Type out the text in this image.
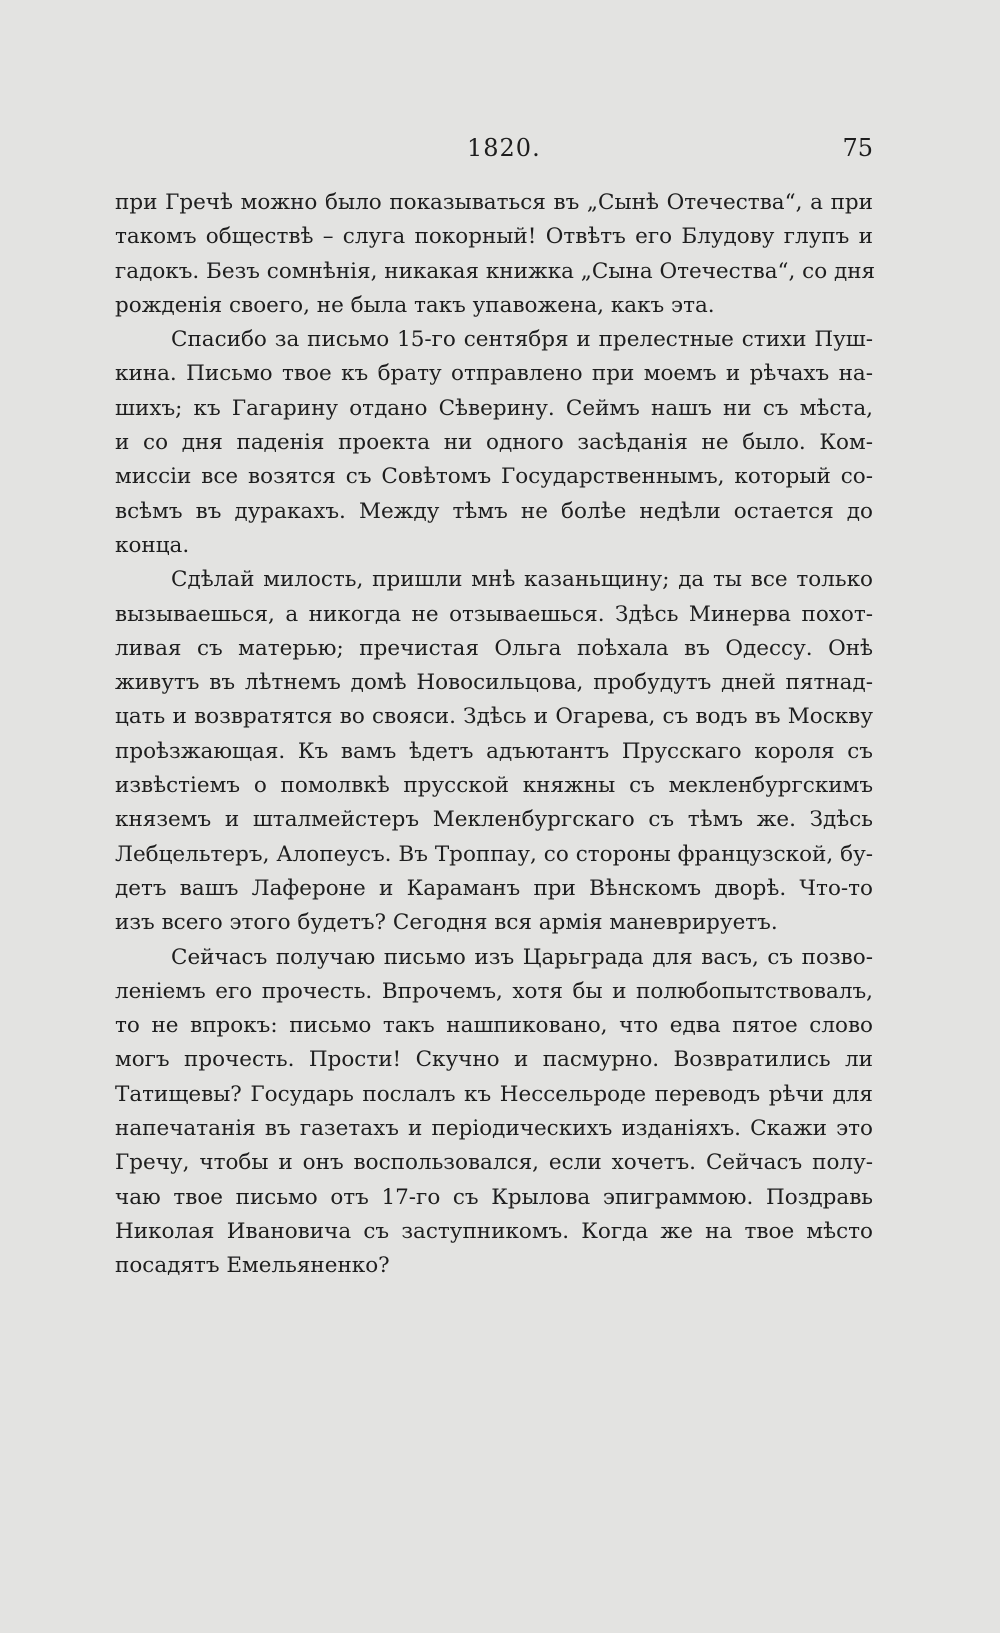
1820.	75
при Гречѣ можно было показываться въ „Сынѣ Отечества“, а при
такомъ обществѣ – слуга покорный! Отвѣтъ его Блудову глупъ и
гадокъ. Безъ сомнѣнія, никакая книжка „Сына Отечества“, со дня
рожденія своего, не была такъ упавожена, какъ эта.
Спасибо за письмо 15-го сентября и прелестные стихи Пуш-
кина. Письмо твое къ брату отправлено при моемъ и рѣчахъ на-
шихъ; къ Гагарину отдано Сѣверину. Сеймъ нашъ ни съ мѣста,
и со дня паденія проекта ни одного засѣданія не было. Ком-
миссіи все возятся съ Совѣтомъ Государственнымъ, который со-
всѣмъ въ дуракахъ. Между тѣмъ не болѣе недѣли остается до
конца.
Сдѣлай милость, пришли мнѣ казаньщину; да ты все только
вызываешься, а никогда не отзываешься. Здѣсь Минерва похот-
ливая съ матерью; пречистая Ольга поѣхала въ Одессу. Онѣ
живутъ въ лѣтнемъ домѣ Новосильцова, пробудутъ дней пятнад-
цать и возвратятся во свояси. Здѣсь и Огарева, съ водъ въ Москву
проѣзжающая. Къ вамъ ѣдетъ адъютантъ Прусскаго короля съ
извѣстіемъ о помолвкѣ прусской княжны съ мекленбургскимъ
княземъ и шталмейстеръ Мекленбургскаго съ тѣмъ же. Здѣсь
Лебцельтеръ, Алопеусъ. Въ Троппау, со стороны французской, бу-
детъ вашъ Лафероне и Караманъ при Вѣнскомъ дворѣ. Что-то
изъ всего этого будетъ? Сегодня вся армія маневрируетъ.
Сейчасъ получаю письмо изъ Царьграда для васъ, съ позво-
леніемъ его прочесть. Впрочемъ, хотя бы и полюбопытствовалъ,
то не впрокъ: письмо такъ нашпиковано, что едва пятое слово
могъ прочесть. Прости! Скучно и пасмурно. Возвратились ли
Татищевы? Государь послалъ къ Нессельроде переводъ рѣчи для
напечатанія въ газетахъ и періодическихъ изданіяхъ. Скажи это
Гречу, чтобы и онъ воспользовался, если хочетъ. Сейчасъ полу-
чаю твое письмо отъ 17-го съ Крылова эпиграммою. Поздравь
Николая Ивановича съ заступникомъ. Когда же на твое мѣсто
посадятъ Емельяненко?
